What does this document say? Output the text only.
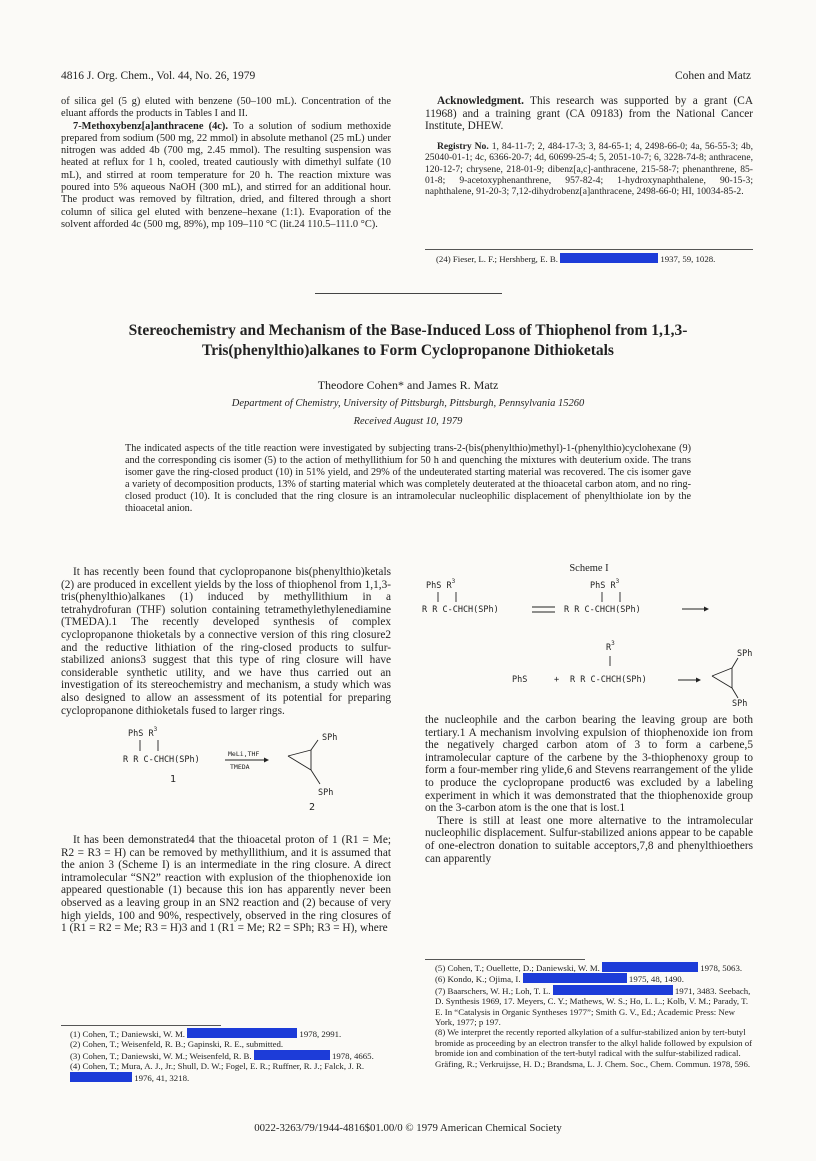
4816 J. Org. Chem., Vol. 44, No. 26, 1979	Cohen and Matz

of silica gel (5 g) eluted with benzene (50–100 mL). Concentration of the eluant affords the products in Tables I and II.

7-Methoxybenz[a]anthracene (4c). To a solution of sodium methoxide prepared from sodium (500 mg, 22 mmol) in absolute methanol (25 mL) under nitrogen was added 4b (700 mg, 2.45 mmol). The resulting suspension was heated at reflux for 1 h, cooled, treated cautiously with dimethyl sulfate (10 mL), and stirred at room temperature for 20 h. The reaction mixture was poured into 5% aqueous NaOH (300 mL), and stirred for an additional hour. The product was removed by filtration, dried, and filtered through a short column of silica gel eluted with benzene–hexane (1:1). Evaporation of the solvent afforded 4c (500 mg, 89%), mp 109–110 °C (lit.24 110.5–111.0 °C).

Acknowledgment. This research was supported by a grant (CA 11968) and a training grant (CA 09183) from the National Cancer Institute, DHEW.

Registry No. 1, 84-11-7; 2, 484-17-3; 3, 84-65-1; 4, 2498-66-0; 4a, 56-55-3; 4b, 25040-01-1; 4c, 6366-20-7; 4d, 60699-25-4; 5, 2051-10-7; 6, 3228-74-8; anthracene, 120-12-7; chrysene, 218-01-9; dibenz[a,c]-anthracene, 215-58-7; phenanthrene, 85-01-8; 9-acetoxyphenanthrene, 957-82-4; 1-hydroxynaphthalene, 90-15-3; naphthalene, 91-20-3; 7,12-dihydrobenz[a]anthracene, 2498-66-0; HI, 10034-85-2.

(24) Fieser, L. F.; Hershberg, E. B.	1937, 59, 1028.
Stereochemistry and Mechanism of the Base-Induced Loss of Thiophenol from 1,1,3-Tris(phenylthio)alkanes to Form Cyclopropanone Dithioketals
Theodore Cohen* and James R. Matz
Department of Chemistry, University of Pittsburgh, Pittsburgh, Pennsylvania 15260
Received August 10, 1979
The indicated aspects of the title reaction were investigated by subjecting trans-2-(bis(phenylthio)methyl)-1-(phenylthio)cyclohexane (9) and the corresponding cis isomer (5) to the action of methyllithium for 50 h and quenching the mixtures with deuterium oxide. The trans isomer gave the ring-closed product (10) in 51% yield, and 29% of the undeuterated starting material was recovered. The cis isomer gave a variety of decomposition products, 13% of starting material which was completely deuterated at the thioacetal carbon atom, and no ring-closed product (10). It is concluded that the ring closure is an intramolecular nucleophilic displacement of phenylthiolate ion by the thioacetal anion.

It has recently been found that cyclopropanone bis(phenylthio)ketals (2) are produced in excellent yields by the loss of thiophenol from 1,1,3-tris(phenylthio)alkanes (1) induced by methyllithium in a tetrahydrofuran (THF) solution containing tetramethylethylenediamine (TMEDA).1 The recently developed synthesis of complex cyclopropanone thioketals by a connective version of this ring closure2 and the reductive lithiation of the ring-closed products to sulfur-stabilized anions3 suggest that this type of ring closure will have considerable synthetic utility, and we have thus carried out an investigation of its stereochemistry and mechanism, a study which was also designed to allow an assessment of its potential for preparing cyclopropanone dithioketals fused to larger rings.

PhS $R^3$
R R C-CHCH(SPh)
MeLi,THF
TMEDA
1
SPh
SPh
2

It has been demonstrated4 that the thioacetal proton of 1 (R1 = Me; R2 = R3 = H) can be removed by methyllithium, and it is assumed that the anion 3 (Scheme I) is an intermediate in the ring closure. A direct intramolecular “SN2” reaction with explusion of the thiophenoxide ion appeared questionable (1) because this ion has apparently never been observed as a leaving group in an SN2 reaction and (2) because of very high yields, 100 and 90%, respectively, observed in the ring closures of 1 (R1 = R2 = Me; R3 = H)3 and 1 (R1 = Me; R2 = SPh; R3 = H), where

(1) Cohen, T.; Daniewski, W. M.	1978, 2991.
(2) Cohen, T.; Weisenfeld, R. B.; Gapinski, R. E., submitted.
(3) Cohen, T.; Daniewski, W. M.; Weisenfeld, R. B.	1978, 4665.
(4) Cohen, T.; Mura, A. J., Jr.; Shull, D. W.; Fogel, E. R.; Ruffner, R. J.; Falck, J. R.  1976, 41, 3218.
Scheme I
PhS $R^3$
R R C-CHCH(SPh)
PhS $R^3$
R R C-CHCH(SPh)
$R^3$
PhS	+ R R C-CHCH(SPh)
SPh
SPh

the nucleophile and the carbon bearing the leaving group are both tertiary.1 A mechanism involving expulsion of thiophenoxide ion from the negatively charged carbon atom of 3 to form a carbene,5 intramolecular capture of the carbene by the 3-thiophenoxy group to form a four-member ring ylide,6 and Stevens rearrangement of the ylide to produce the cyclopropane product6 was excluded by a labeling experiment in which it was demonstrated that the thiophenoxide group on the 3-carbon atom is the one that is lost.1

There is still at least one more alternative to the intramolecular nucleophilic displacement. Sulfur-stabilized anions appear to be capable of one-electron donation to suitable acceptors,7,8 and phenylthioethers can apparently

(5) Cohen, T.; Ouellette, D.; Daniewski, W. M.	1978, 5063.
(6) Kondo, K.; Ojima, I.	1975, 48, 1490.
(7) Baarschers, W. H.; Loh, T. L.	1971, 3483. Seebach, D. Synthesis 1969, 17. Meyers, C. Y.; Mathews, W. S.; Ho, L. L.; Kolb, V. M.; Parady, T. E. In “Catalysis in Organic Syntheses 1977”; Smith G. V., Ed.; Academic Press: New York, 1977; p 197.
(8) We interpret the recently reported alkylation of a sulfur-stabilized anion by tert-butyl bromide as proceeding by an electron transfer to the alkyl halide followed by expulsion of bromide ion and combination of the tert-butyl radical with the sulfur-stabilized radical. Gräfing, R.; Verkruijsse, H. D.; Brandsma, L. J. Chem. Soc., Chem. Commun. 1978, 596.
0022-3263/79/1944-4816$01.00/0 © 1979 American Chemical Society
